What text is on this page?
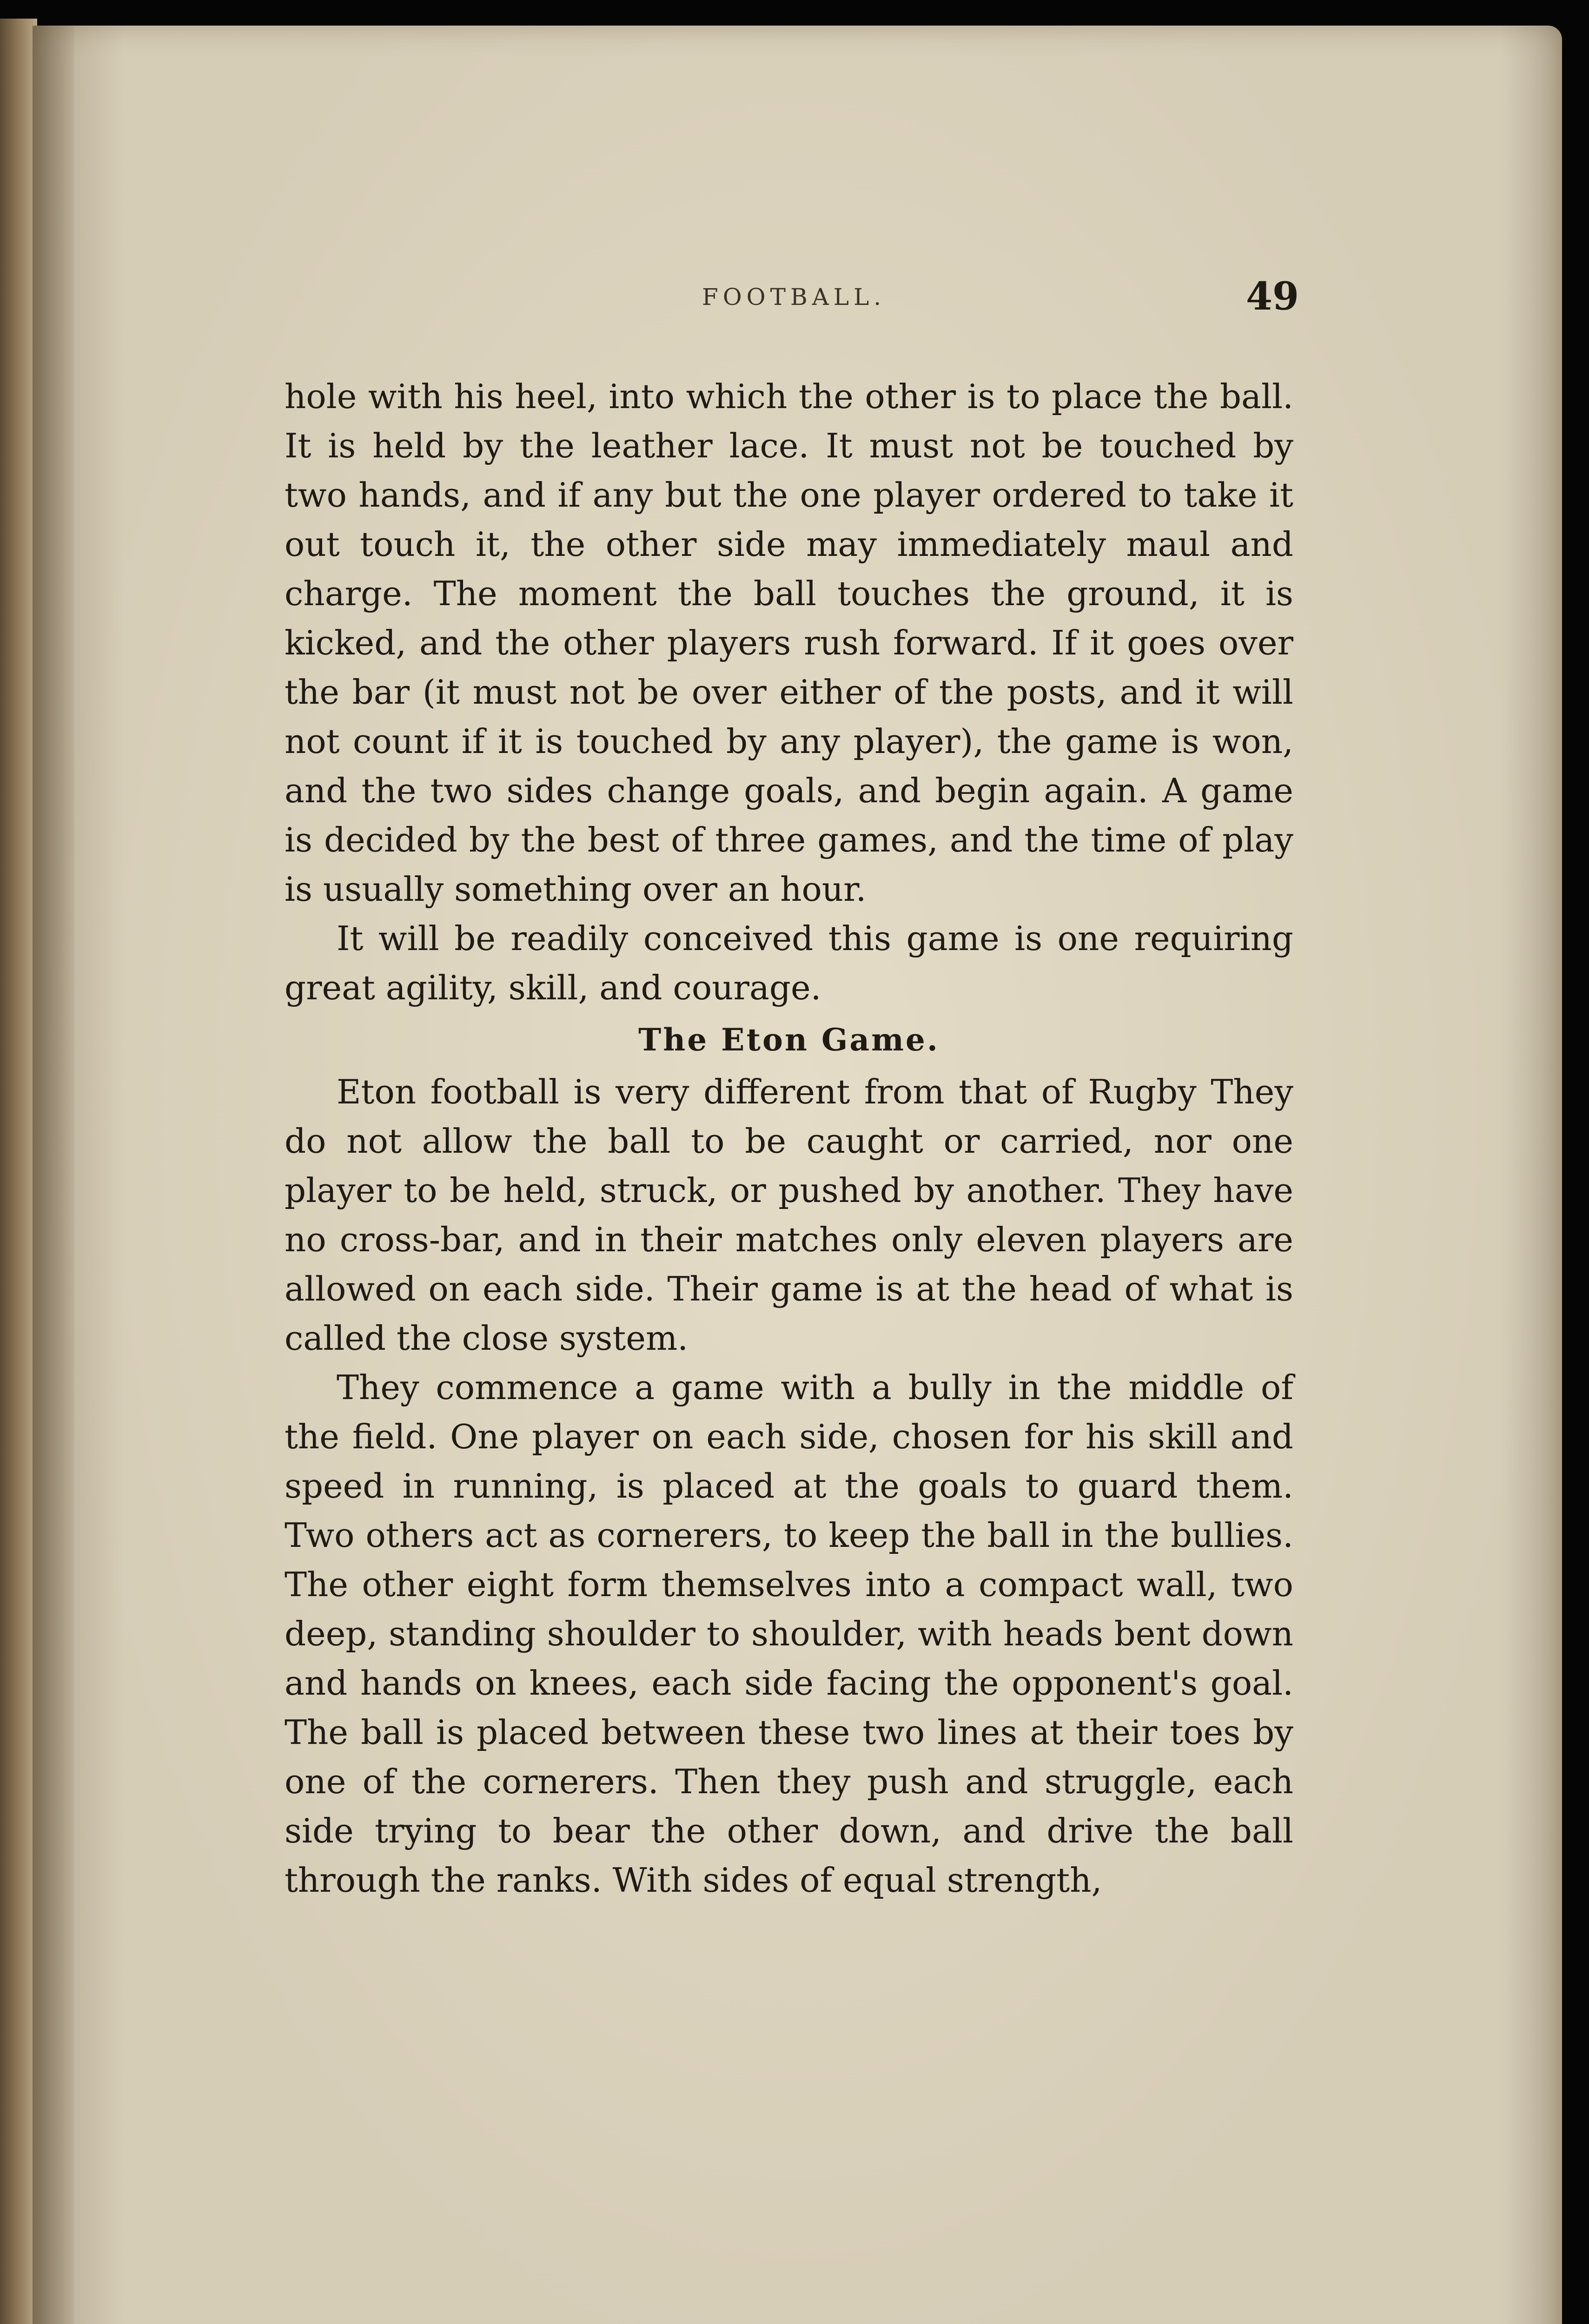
FOOTBALL.	49

hole with his heel, into which the other is to place the ball. It is held by the leather lace. It must not be touched by two hands, and if any but the one player ordered to take it out touch it, the other side may immediately maul and charge. The moment the ball touches the ground, it is kicked, and the other players rush forward. If it goes over the bar (it must not be over either of the posts, and it will not count if it is touched by any player), the game is won, and the two sides change goals, and begin again. A game is decided by the best of three games, and the time of play is usually something over an hour.

It will be readily conceived this game is one requiring great agility, skill, and courage.

The Eton Game.

Eton football is very different from that of Rugby They do not allow the ball to be caught or carried, nor one player to be held, struck, or pushed by another. They have no cross-bar, and in their matches only eleven players are allowed on each side. Their game is at the head of what is called the close system.

They commence a game with a bully in the middle of the field. One player on each side, chosen for his skill and speed in running, is placed at the goals to guard them. Two others act as cornerers, to keep the ball in the bullies. The other eight form themselves into a compact wall, two deep, standing shoulder to shoulder, with heads bent down and hands on knees, each side facing the opponent's goal. The ball is placed between these two lines at their toes by one of the cornerers. Then they push and struggle, each side trying to bear the other down, and drive the ball through the ranks. With sides of equal strength,
